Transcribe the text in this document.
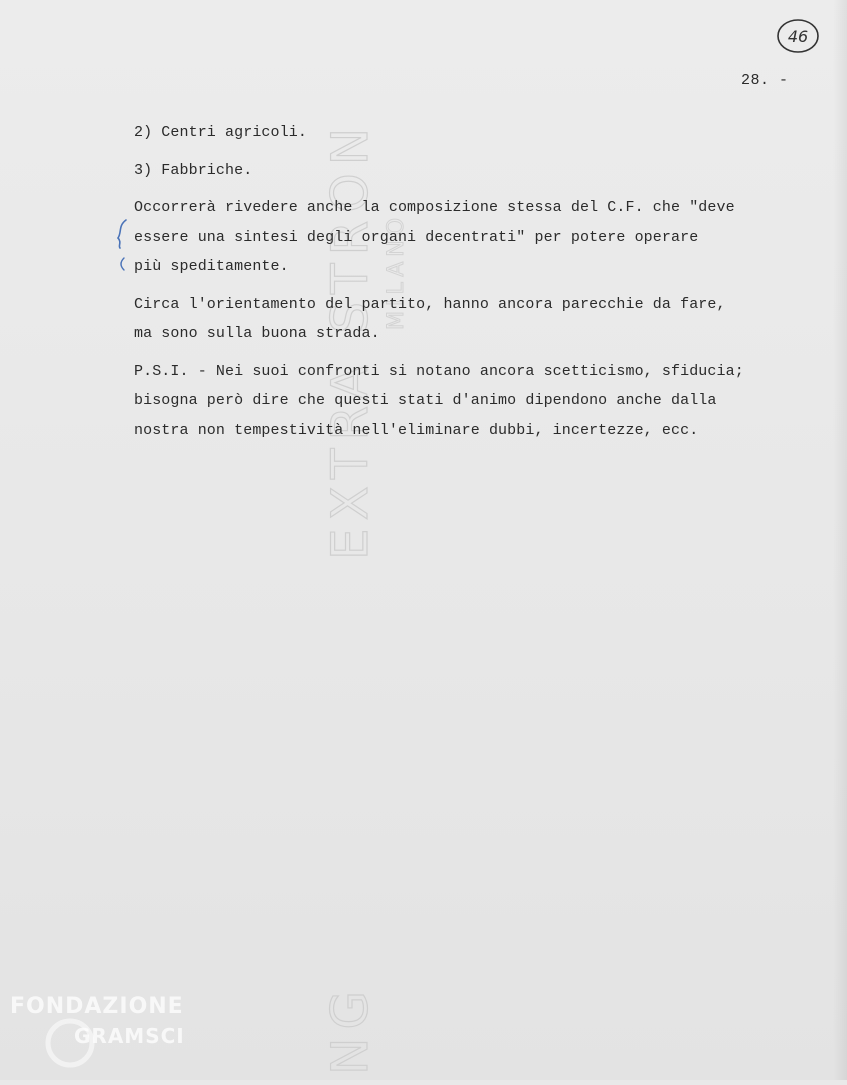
EXTRA STRON MILANO
NG
46
28. -
2) Centri agricoli.
3) Fabbriche.
Occorrerà rivedere anche la composizione stessa del C.F. che "deve
essere una sintesi degli organi decentrati" per potere operare
più speditamente.
Circa l'orientamento del partito, hanno ancora parecchie da fare,
ma sono sulla buona strada.
P.S.I. - Nei suoi confronti si notano ancora scetticismo, sfiducia;
bisogna però dire che questi stati d'animo dipendono anche dalla
nostra non tempestività nell'eliminare dubbi, incertezze, ecc.
FONDAZIONE
GRAMSCI
